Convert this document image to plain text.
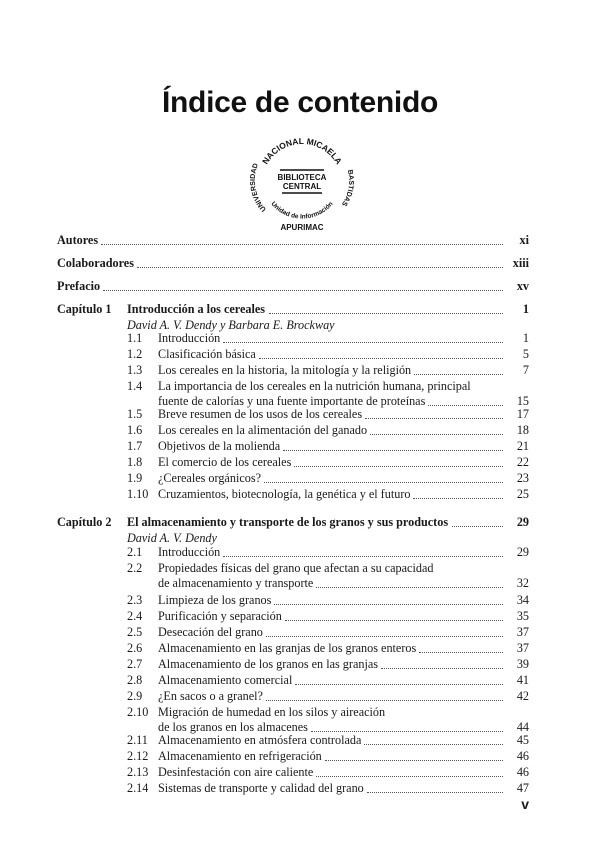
Índice de contenido
NACIONAL MICAELA
UNIVERSIDAD
BASTIDAS
Unidad de Información
BIBLIOTECA
CENTRAL
APURIMAC
Autores	xi
Colaboradores	xiii
Prefacio	xv
Capítulo 1 Introducción a los cereales	1
David A. V. Dendy y Barbara E. Brockway
1.1 Introducción	1
1.2 Clasificación básica	5
1.3 Los cereales en la historia, la mitología y la religión	7
1.4 La importancia de los cereales en la nutrición humana, principal
fuente de calorías y una fuente importante de proteínas	15
1.5 Breve resumen de los usos de los cereales	17
1.6 Los cereales en la alimentación del ganado	18
1.7 Objetivos de la molienda	21
1.8 El comercio de los cereales	22
1.9 ¿Cereales orgánicos?	23
1.10 Cruzamientos, biotecnología, la genética y el futuro	25
Capítulo 2 El almacenamiento y transporte de los granos y sus productos	29
David A. V. Dendy
2.1 Introducción	29
2.2 Propiedades físicas del grano que afectan a su capacidad
de almacenamiento y transporte	32
2.3 Limpieza de los granos	34
2.4 Purificación y separación	35
2.5 Desecación del grano	37
2.6 Almacenamiento en las granjas de los granos enteros	37
2.7 Almacenamiento de los granos en las granjas	39
2.8 Almacenamiento comercial	41
2.9 ¿En sacos o a granel?	42
2.10 Migración de humedad en los silos y aireación
de los granos en los almacenes	44
2.11 Almacenamiento en atmósfera controlada	45
2.12 Almacenamiento en refrigeración	46
2.13 Desinfestación con aire caliente	46
2.14 Sistemas de transporte y calidad del grano	47
v
